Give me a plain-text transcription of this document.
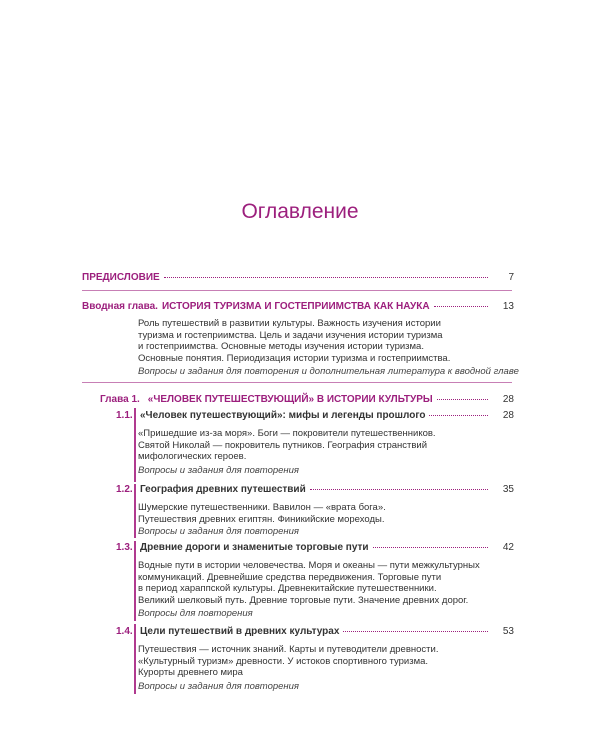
Оглавление
ПРЕДИСЛОВИЕ	7
Вводная глава. ИСТОРИЯ ТУРИЗМА И ГОСТЕПРИИМСТВА КАК НАУКА	13
Роль путешествий в развитии культуры. Важность изучения истории
туризма и гостеприимства. Цель и задачи изучения истории туризма
и гостеприимства. Основные методы изучения истории туризма.
Основные понятия. Периодизация истории туризма и гостеприимства.
Вопросы и задания для повторения и дополнительная литература к вводной главе
Глава 1. «ЧЕЛОВЕК ПУТЕШЕСТВУЮЩИЙ» В ИСТОРИИ КУЛЬТУРЫ	28
1.1. «Человек путешествующий»: мифы и легенды прошлого	28
«Пришедшие из-за моря». Боги — покровители путешественников.
Святой Николай — покровитель путников. География странствий
мифологических героев.
Вопросы и задания для повторения
1.2. География древних путешествий	35
Шумерские путешественники. Вавилон — «врата бога».
Путешествия древних египтян. Финикийские мореходы.
Вопросы и задания для повторения
1.3. Древние дороги и знаменитые торговые пути	42
Водные пути в истории человечества. Моря и океаны — пути межкультурных
коммуникаций. Древнейшие средства передвижения. Торговые пути
в период хараппской культуры. Древнекитайские путешественники.
Великий шелковый путь. Древние торговые пути. Значение древних дорог.
Вопросы для повторения
1.4. Цели путешествий в древних культурах	53
Путешествия — источник знаний. Карты и путеводители древности.
«Культурный туризм» древности. У истоков спортивного туризма.
Курорты древнего мира
Вопросы и задания для повторения
